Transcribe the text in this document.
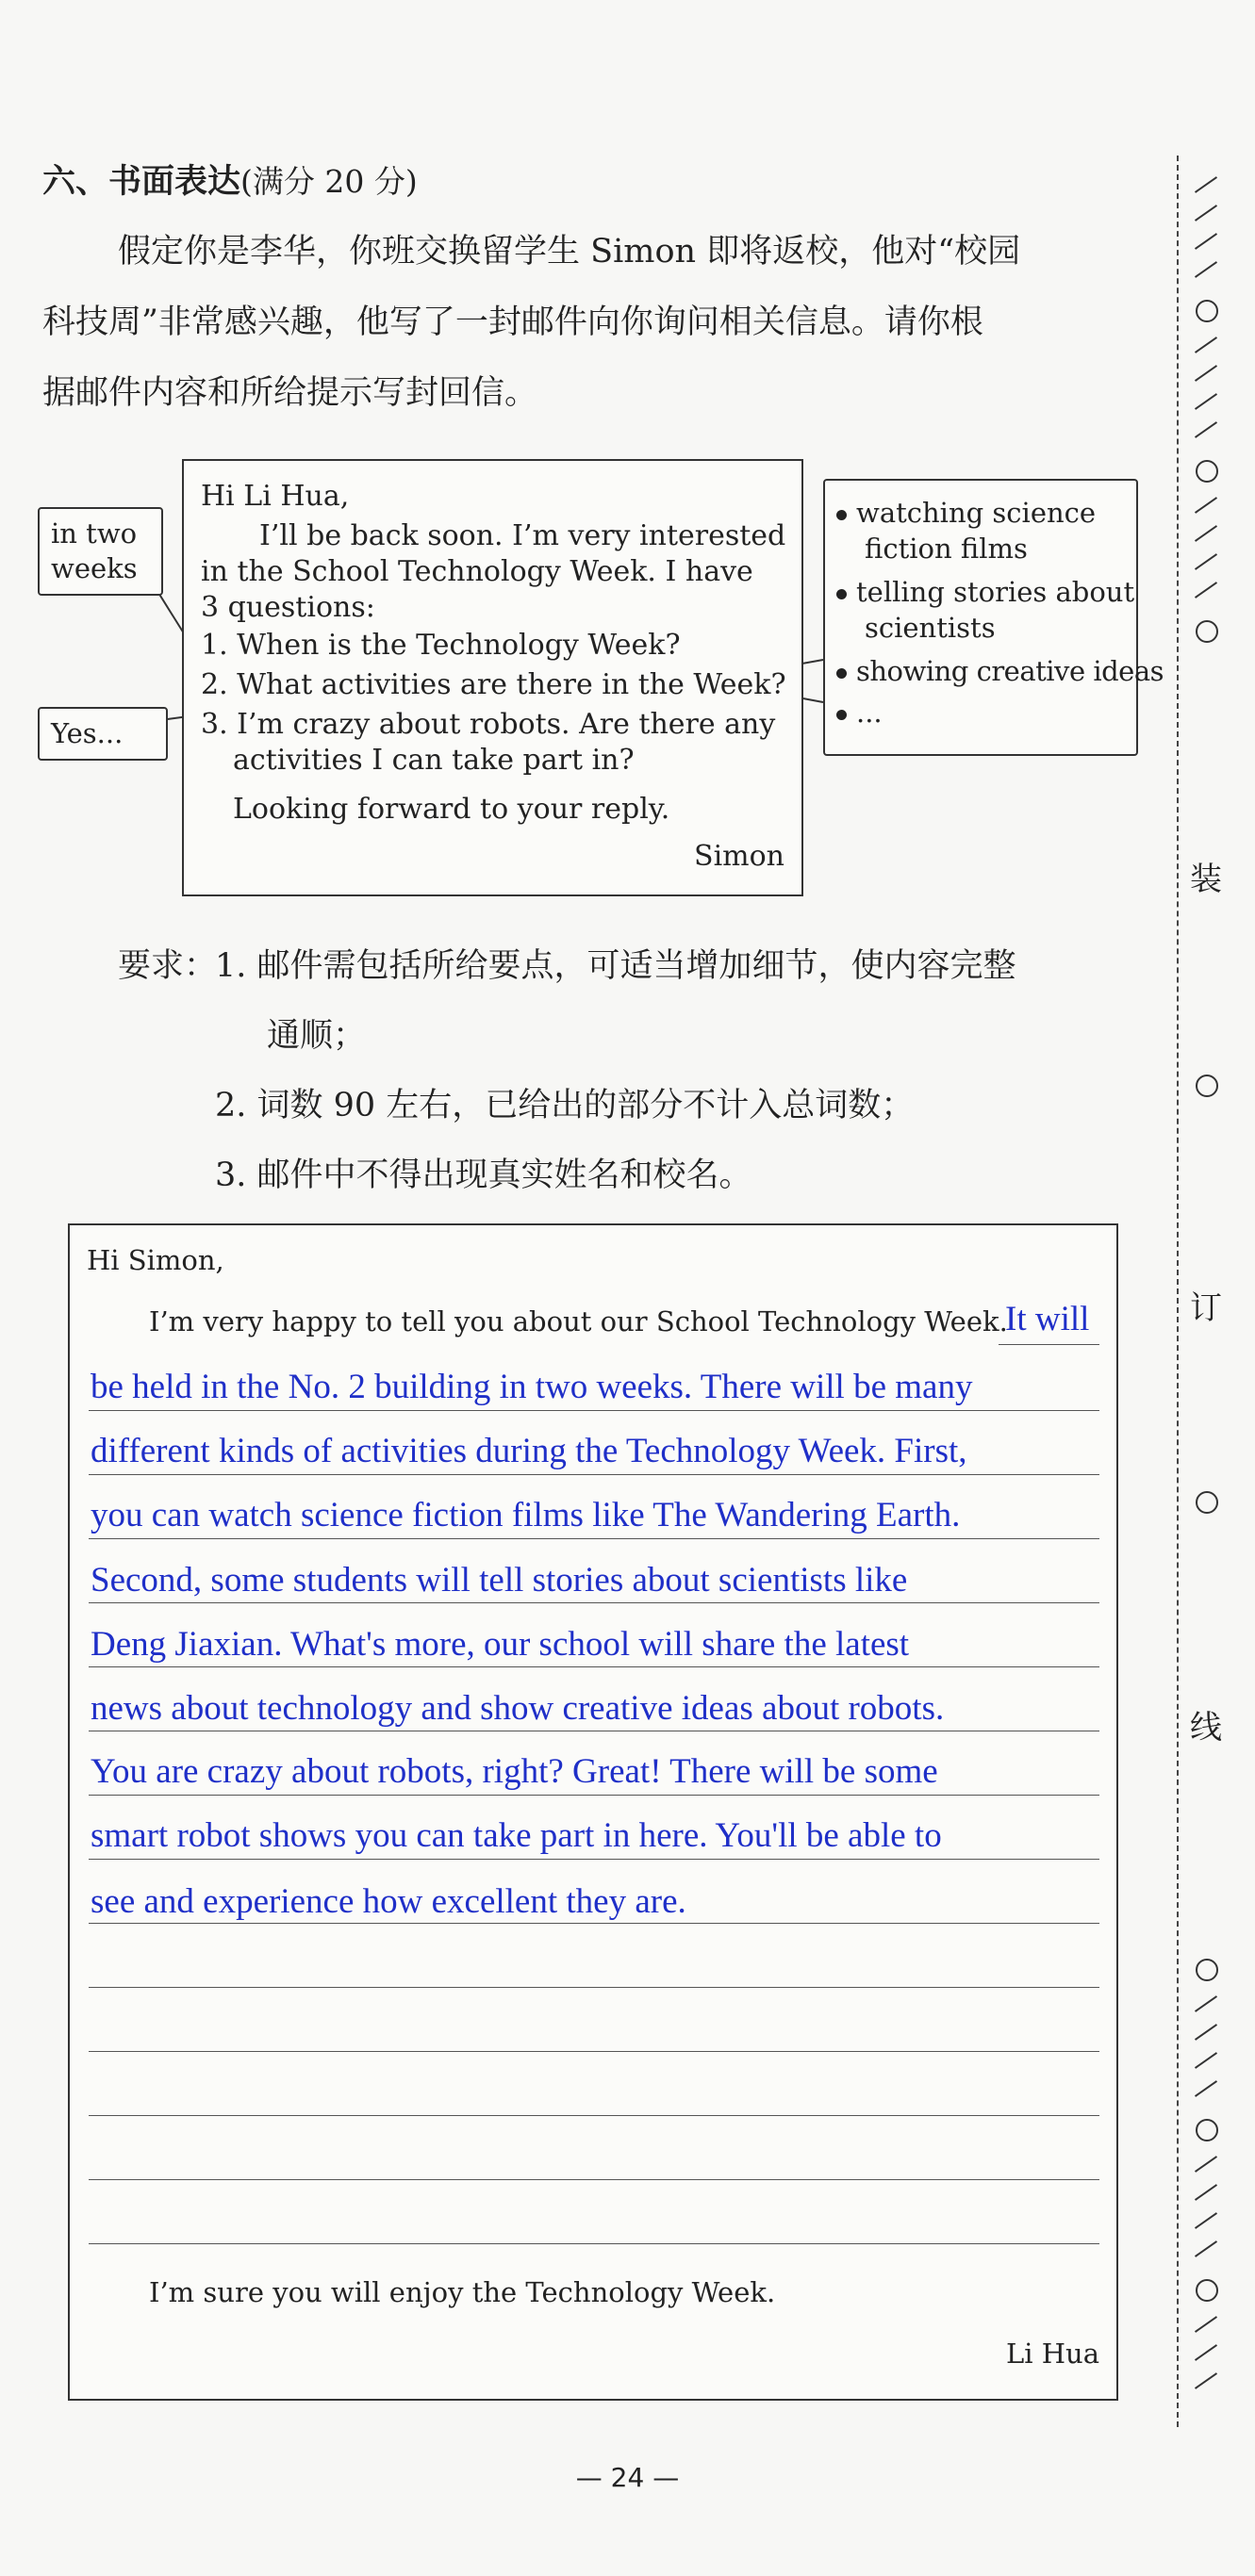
六、书面表达(满分 20 分)

假定你是李华，你班交换留学生 Simon 即将返校，他对“校园

科技周”非常感兴趣，他写了一封邮件向你询问相关信息。请你根

据邮件内容和所给提示写封回信。

in two
weeks
Yes...
Hi Li Hua,
I’ll be back soon. I’m very interested
in the School Technology Week. I have
3 questions:
1. When is the Technology Week?
2. What activities are there in the Week?
3. I’m crazy about robots. Are there any
activities I can take part in?
Looking forward to your reply.
Simon
watching science
fiction films
telling stories about
scientists
showing creative ideas
...
要求：
1. 邮件需包括所给要点，可适当增加细节，使内容完整
通顺；
2. 词数 90 左右，已给出的部分不计入总词数；
3. 邮件中不得出现真实姓名和校名。
Hi Simon,
I’m very happy to tell you about our School Technology Week.
It will
be held in the No. 2 building in two weeks. There will be many
different kinds of activities during the Technology Week. First,
you can watch science fiction films like The Wandering Earth.
Second, some students will tell stories about scientists like
Deng Jiaxian. What's more, our school will share the latest
news about technology and show creative ideas about robots.
You are crazy about robots, right? Great! There will be some
smart robot shows you can take part in here. You'll be able to
see and experience how excellent they are.
I’m sure you will enjoy the Technology Week.
Li Hua
装
订
线
— 24 —
